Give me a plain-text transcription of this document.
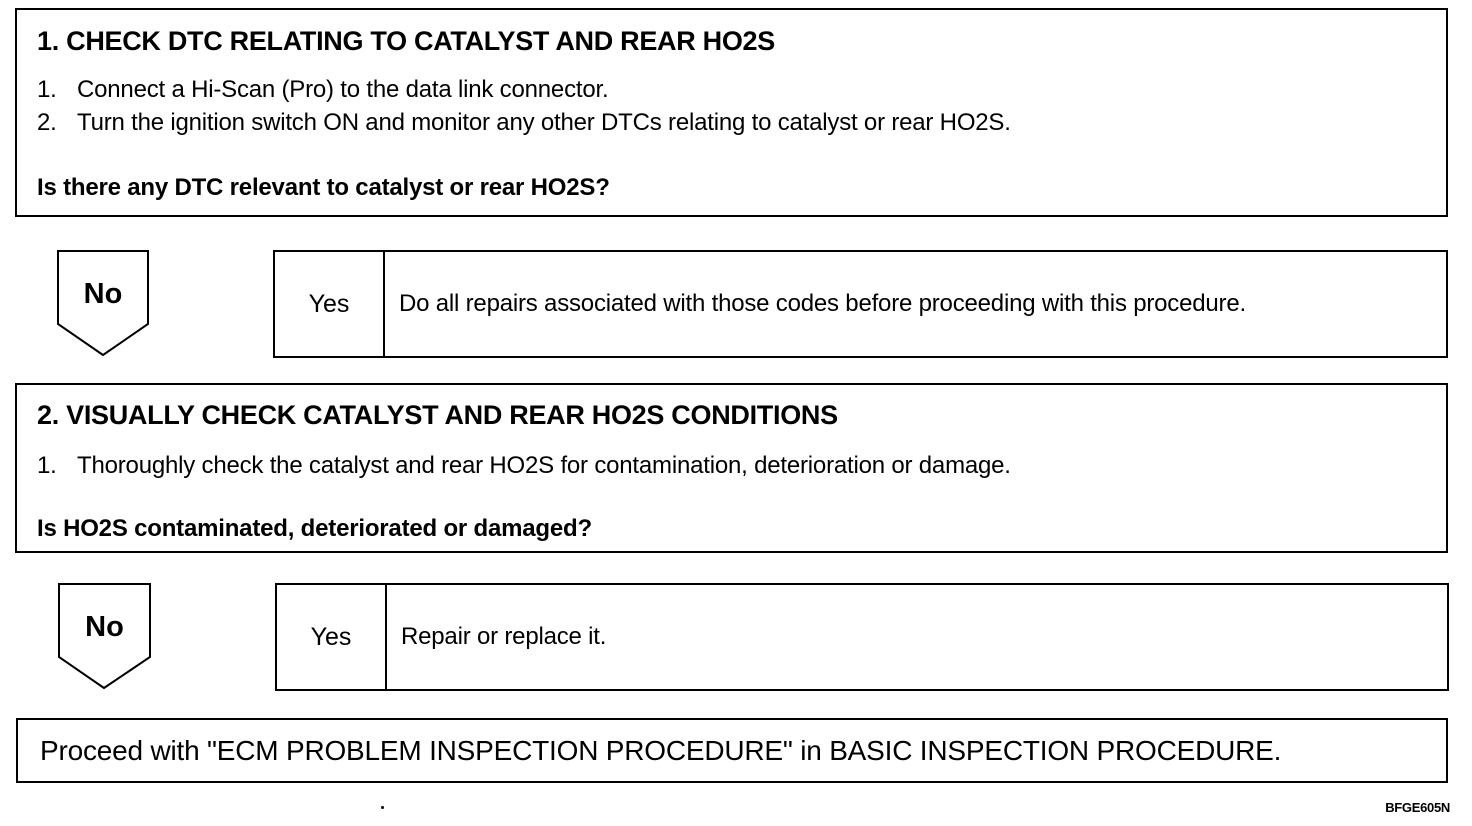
1. CHECK DTC RELATING TO CATALYST AND REAR HO2S
1. Connect a Hi-Scan (Pro) to the data link connector.
2. Turn the ignition switch ON and monitor any other DTCs relating to catalyst or rear HO2S.
Is there any DTC relevant to catalyst or rear HO2S?
No	Yes	Do all repairs associated with those codes before proceeding with this procedure.
2. VISUALLY CHECK CATALYST AND REAR HO2S CONDITIONS
1. Thoroughly check the catalyst and rear HO2S for contamination, deterioration or damage.
Is HO2S contaminated, deteriorated or damaged?
No	Yes	Repair or replace it.
Proceed with "ECM PROBLEM INSPECTION PROCEDURE" in BASIC INSPECTION PROCEDURE.
BFGE605N
